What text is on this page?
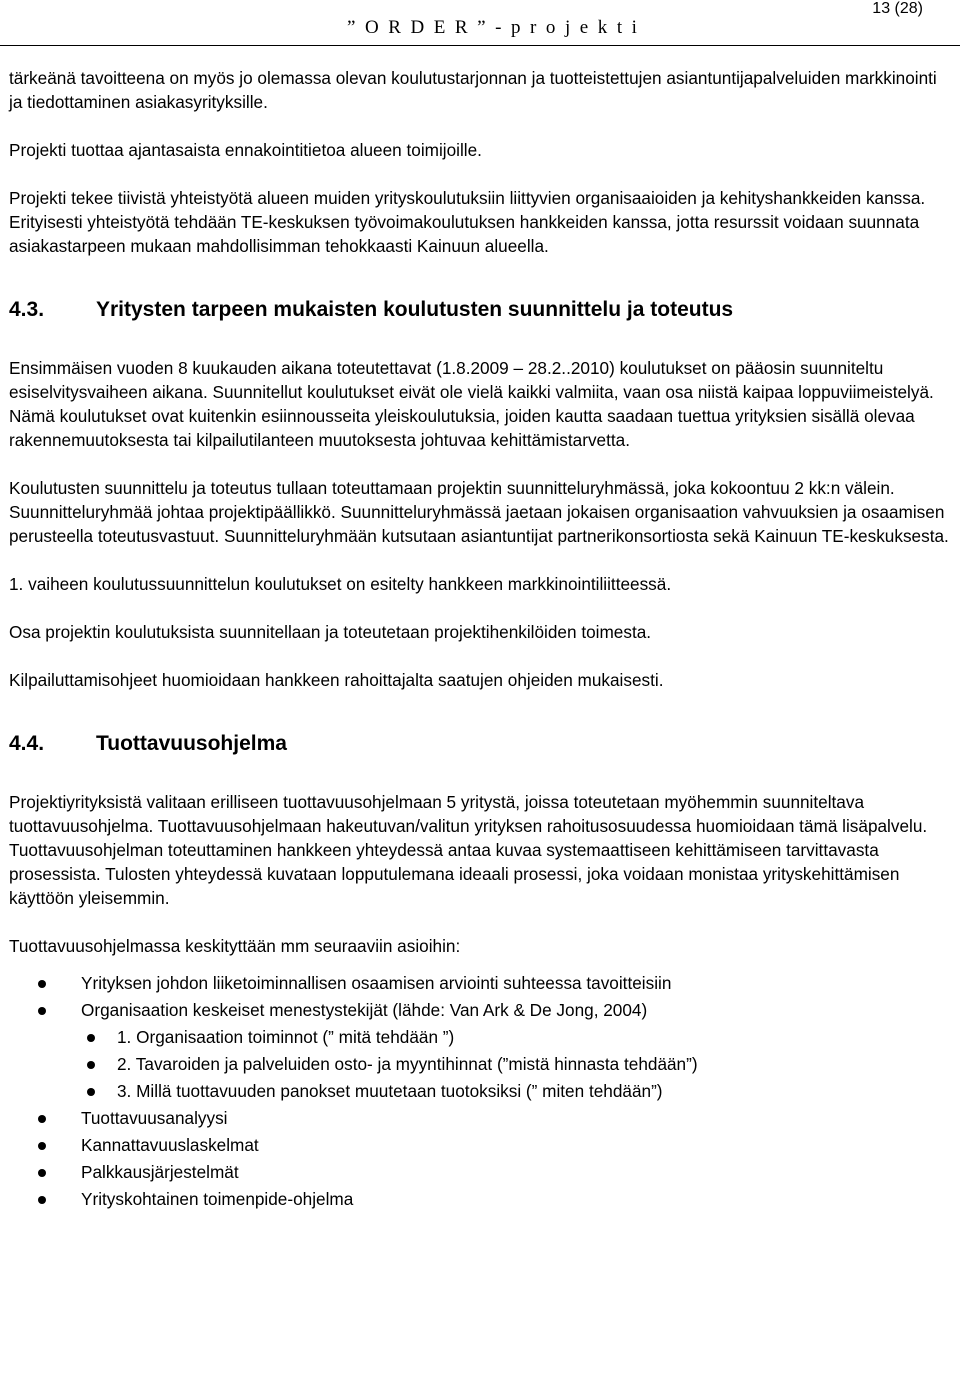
” O R D E R ” - p r o j e k t i
13 (28)

tärkeänä tavoitteena on myös jo olemassa olevan koulutustarjonnan ja tuotteistettujen asiantuntijapalveluiden markkinointi ja tiedottaminen asiakasyrityksille.

Projekti tuottaa ajantasaista ennakointitietoa alueen toimijoille.

Projekti tekee tiivistä yhteistyötä alueen muiden yrityskoulutuksiin liittyvien organisaaioiden ja kehityshankkeiden kanssa. Erityisesti yhteistyötä tehdään TE-keskuksen työvoimakoulutuksen hankkeiden kanssa, jotta resurssit voidaan suunnata asiakastarpeen mukaan mahdollisimman tehokkaasti Kainuun alueella.

4.3.	Yritysten tarpeen mukaisten koulutusten suunnittelu ja toteutus

Ensimmäisen vuoden 8 kuukauden aikana toteutettavat (1.8.2009 – 28.2..2010) koulutukset on pääosin suunniteltu esiselvitysvaiheen aikana. Suunnitellut koulutukset eivät ole vielä kaikki valmiita, vaan osa niistä kaipaa loppuviimeistelyä. Nämä koulutukset ovat kuitenkin esiinnousseita yleiskoulutuksia, joiden kautta saadaan tuettua yrityksien sisällä olevaa rakennemuutoksesta tai kilpailutilanteen muutoksesta johtuvaa kehittämistarvetta.

Koulutusten suunnittelu ja toteutus tullaan toteuttamaan projektin suunnitteluryhmässä, joka kokoontuu 2 kk:n välein. Suunnitteluryhmää johtaa projektipäällikkö. Suunnitteluryhmässä jaetaan jokaisen organisaation vahvuuksien ja osaamisen perusteella toteutusvastuut. Suunnitteluryhmään kutsutaan asiantuntijat partnerikonsortiosta sekä Kainuun TE-keskuksesta.

1. vaiheen koulutussuunnittelun koulutukset on esitelty hankkeen markkinointiliitteessä.

Osa projektin koulutuksista suunnitellaan ja toteutetaan projektihenkilöiden toimesta.

Kilpailuttamisohjeet huomioidaan hankkeen rahoittajalta saatujen ohjeiden mukaisesti.

4.4.	Tuottavuusohjelma

Projektiyrityksistä valitaan erilliseen tuottavuusohjelmaan 5 yritystä, joissa toteutetaan myöhemmin suunniteltava tuottavuusohjelma. Tuottavuusohjelmaan hakeutuvan/valitun yrityksen rahoitusosuudessa huomioidaan tämä lisäpalvelu. Tuottavuusohjelman toteuttaminen hankkeen yhteydessä antaa kuvaa systemaattiseen kehittämiseen tarvittavasta prosessista. Tulosten yhteydessä kuvataan lopputulemana ideaali prosessi, joka voidaan monistaa yrityskehittämisen käyttöön yleisemmin.

Tuottavuusohjelmassa keskityttään mm seuraaviin asioihin:

Yrityksen johdon liiketoiminnallisen osaamisen arviointi suhteessa tavoitteisiin
Organisaation keskeiset menestystekijät (lähde: Van Ark & De Jong, 2004)
1. Organisaation toiminnot (” mitä tehdään ”)
2. Tavaroiden ja palveluiden osto- ja myyntihinnat (”mistä hinnasta tehdään”)
3. Millä tuottavuuden panokset muutetaan tuotoksiksi (” miten tehdään”)
Tuottavuusanalyysi
Kannattavuuslaskelmat
Palkkausjärjestelmät
Yrityskohtainen toimenpide-ohjelma
